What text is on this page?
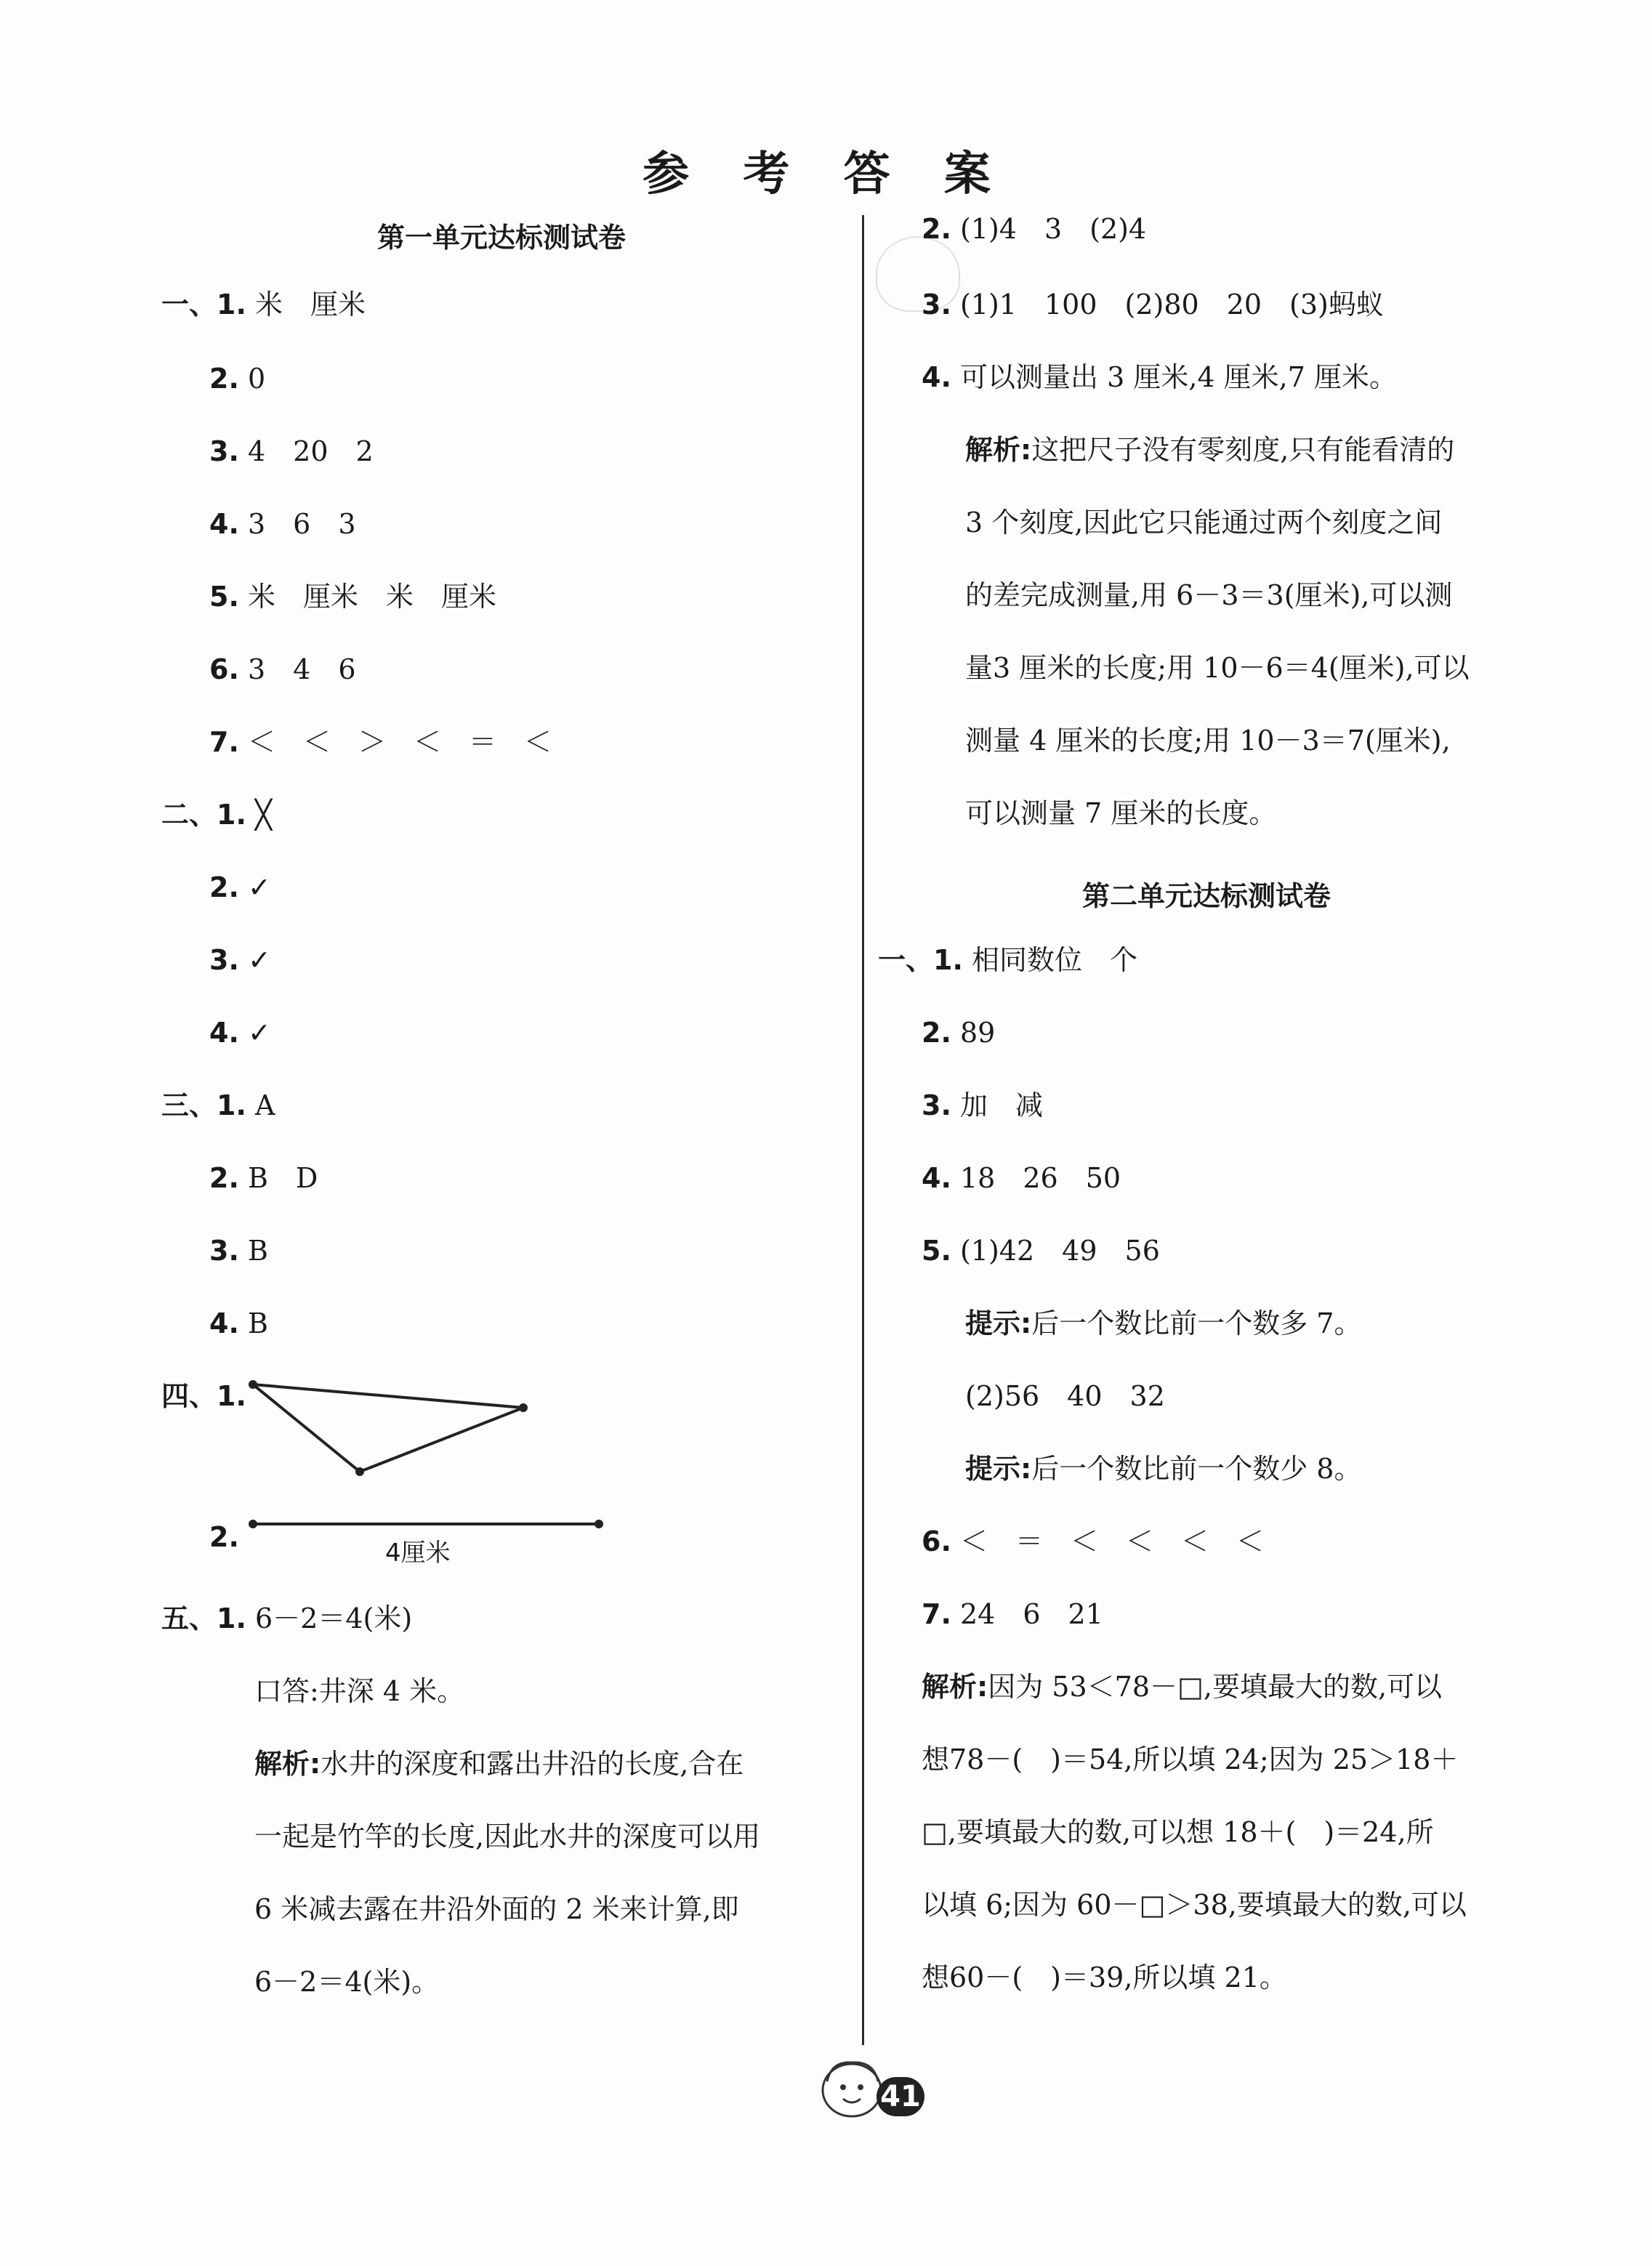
参 考 答 案
第一单元达标测试卷
一、1. 米　厘米
2. 0
3. 4　20　2
4. 3　6　3
5. 米　厘米　米　厘米
6. 3　4　6
7. ＜　＜　＞　＜　＝　＜
二、1. ╳
2. ✓
3. ✓
4. ✓
三、1. A
2. B　D
3. B
4. B
四、1.
2.	4厘米
五、1. 6－2＝4(米)
口答:井深 4 米。
解析:水井的深度和露出井沿的长度,合在
一起是竹竿的长度,因此水井的深度可以用
6 米减去露在井沿外面的 2 米来计算,即
6－2＝4(米)。
2. (1)4　3　(2)4
3. (1)1　100　(2)80　20　(3)蚂蚁
4. 可以测量出 3 厘米,4 厘米,7 厘米。
解析:这把尺子没有零刻度,只有能看清的
3 个刻度,因此它只能通过两个刻度之间
的差完成测量,用 6－3＝3(厘米),可以测
量3 厘米的长度;用 10－6＝4(厘米),可以
测量 4 厘米的长度;用 10－3＝7(厘米),
可以测量 7 厘米的长度。
第二单元达标测试卷
一、1. 相同数位　个
2. 89
3. 加　减
4. 18　26　50
5. (1)42　49　56
提示:后一个数比前一个数多 7。
(2)56　40　32
提示:后一个数比前一个数少 8。
6. ＜　＝　＜　＜　＜　＜
7. 24　6　21
解析:因为 53＜78－□,要填最大的数,可以
想78－(　)＝54,所以填 24;因为 25＞18＋
□,要填最大的数,可以想 18＋(　)＝24,所
以填 6;因为 60－□＞38,要填最大的数,可以
想60－(　)＝39,所以填 21。
41
